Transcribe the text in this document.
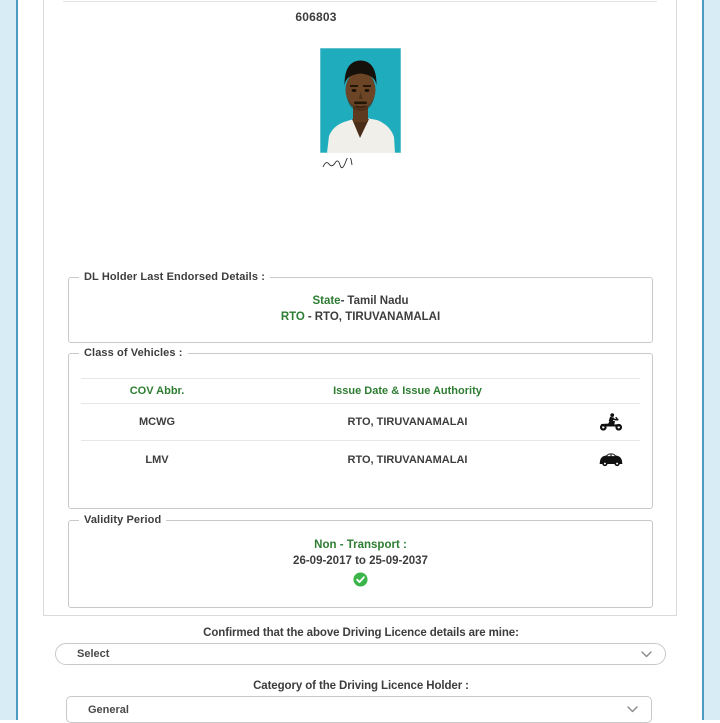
606803
DL Holder Last Endorsed Details :
State- Tamil Nadu
RTO - RTO, TIRUVANAMALAI
Class of Vehicles :
COV Abbr.	Issue Date & Issue Authority
MCWG	RTO, TIRUVANAMALAI
LMV	RTO, TIRUVANAMALAI
Validity Period
Non - Transport :
26-09-2017 to 25-09-2037
Confirmed that the above Driving Licence details are mine:
Select
Category of the Driving Licence Holder :
General
